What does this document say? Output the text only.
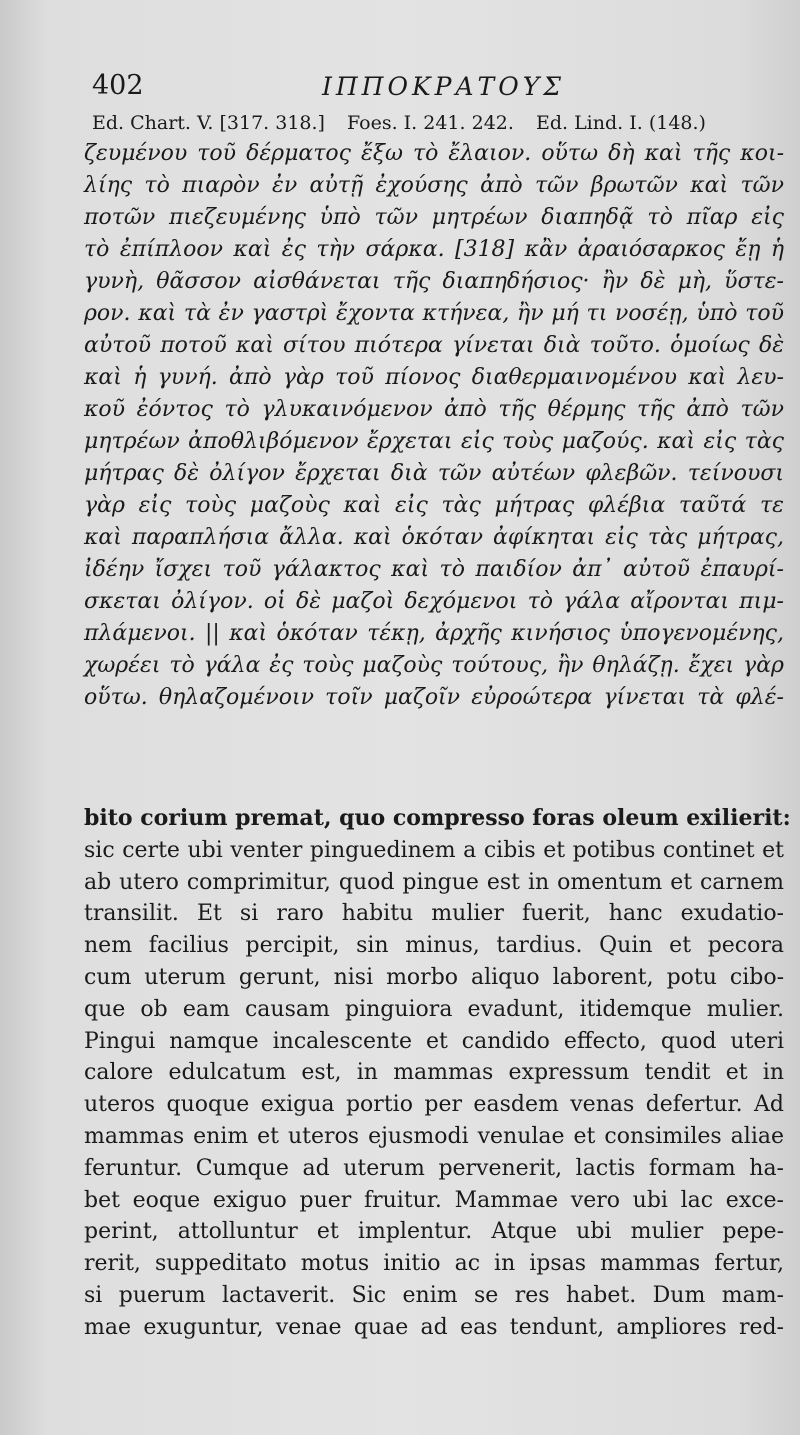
402	ΙΠΠΟΚΡΑΤΟΥΣ
Ed. Chart. V. [317. 318.] Foes. I. 241. 242. Ed. Lind. I. (148.)
ζευμένου τοῦ δέρματος ἔξω τὸ ἔλαιον. οὕτω δὴ καὶ τῆς κοι-
λίης τὸ πιαρὸν ἐν αὐτῇ ἐχούσης ἀπὸ τῶν βρωτῶν καὶ τῶν
ποτῶν πιεζευμένης ὑπὸ τῶν μητρέων διαπηδᾷ τὸ πῖαρ εἰς
τὸ ἐπίπλοον καὶ ἐς τὴν σάρκα. [318] κἂν ἀραιόσαρκος ἔῃ ἡ
γυνὴ, θᾶσσον αἰσθάνεται τῆς διαπηδήσιος· ἢν δὲ μὴ, ὕστε-
ρον. καὶ τὰ ἐν γαστρὶ ἔχοντα κτήνεα, ἢν μή τι νοσέῃ, ὑπὸ τοῦ
αὐτοῦ ποτοῦ καὶ σίτου πιότερα γίνεται διὰ τοῦτο. ὁμοίως δὲ
καὶ ἡ γυνή. ἀπὸ γὰρ τοῦ πίονος διαθερμαινομένου καὶ λευ-
κοῦ ἐόντος τὸ γλυκαινόμενον ἀπὸ τῆς θέρμης τῆς ἀπὸ τῶν
μητρέων ἀποθλιβόμενον ἔρχεται εἰς τοὺς μαζούς. καὶ εἰς τὰς
μήτρας δὲ ὀλίγον ἔρχεται διὰ τῶν αὐτέων φλεβῶν. τείνουσι
γὰρ εἰς τοὺς μαζοὺς καὶ εἰς τὰς μήτρας φλέβια ταῦτά τε
καὶ παραπλήσια ἄλλα. καὶ ὁκόταν ἀφίκηται εἰς τὰς μήτρας,
ἰδέην ἴσχει τοῦ γάλακτος καὶ τὸ παιδίον ἀπ᾽ αὐτοῦ ἐπαυρί-
σκεται ὀλίγον. οἱ δὲ μαζοὶ δεχόμενοι τὸ γάλα αἴρονται πιμ-
πλάμενοι. || καὶ ὁκόταν τέκῃ, ἀρχῆς κινήσιος ὑπογενομένης,
χωρέει τὸ γάλα ἐς τοὺς μαζοὺς τούτους, ἢν θηλάζῃ. ἔχει γὰρ
οὕτω. θηλαζομένοιν τοῖν μαζοῖν εὐροώτερα γίνεται τὰ φλέ-
bito corium premat, quo compresso foras oleum exilierit:
sic certe ubi venter pinguedinem a cibis et potibus continet et
ab utero comprimitur, quod pingue est in omentum et carnem
transilit. Et si raro habitu mulier fuerit, hanc exudatio-
nem facilius percipit, sin minus, tardius. Quin et pecora
cum uterum gerunt, nisi morbo aliquo laborent, potu cibo-
que ob eam causam pinguiora evadunt, itidemque mulier.
Pingui namque incalescente et candido effecto, quod uteri
calore edulcatum est, in mammas expressum tendit et in
uteros quoque exigua portio per easdem venas defertur. Ad
mammas enim et uteros ejusmodi venulae et consimiles aliae
feruntur. Cumque ad uterum pervenerit, lactis formam ha-
bet eoque exiguo puer fruitur. Mammae vero ubi lac exce-
perint, attolluntur et implentur. Atque ubi mulier pepe-
rerit, suppeditato motus initio ac in ipsas mammas fertur,
si puerum lactaverit. Sic enim se res habet. Dum mam-
mae exuguntur, venae quae ad eas tendunt, ampliores red-
